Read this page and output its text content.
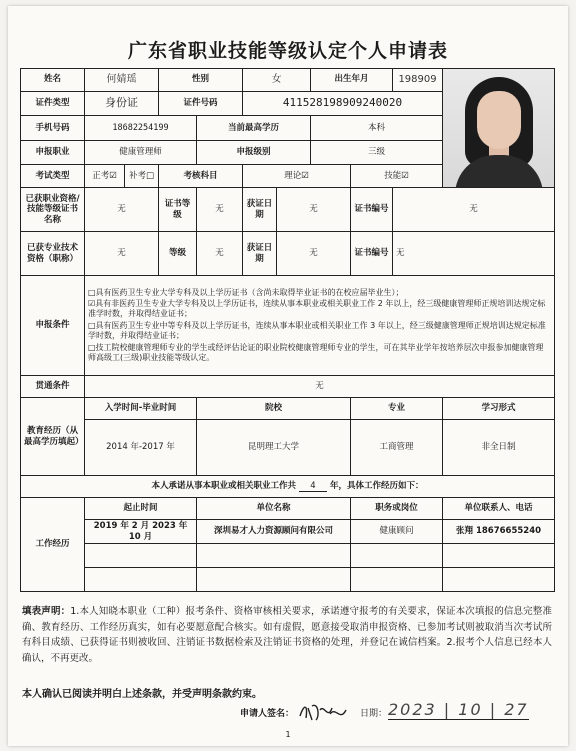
广东省职业技能等级认定个人申请表
姓名	何婧瑶		性别		女		出生年月		198909	

证件类型	身份证		证件号码		411528198909240020					
手机号码	18682254199			当前最高学历			本科			
申报职业	健康管理师			申报级别			三级			
考试类型	正考☑	补考□	考核科目		理论☑			技能☑		
已获职业资格/技能等级证书名称	无		证书等级	无	获证日期	无		证书编号	无	
已获专业技术资格（职称）	无		等级	无	获证日期	无		证书编号	无	
申报条件	□具有医药卫生专业大学专科及以上学历证书（含尚未取得毕业证书的在校应届毕业生）；

☑具有非医药卫生专业大学专科及以上学历证书，连续从事本职业或相关职业工作 2 年以上，经三级健康管理师正规培训达规定标准学时数，并取得结业证书；

□具有医药卫生专业中等专科及以上学历证书，连续从事本职业或相关职业工作 3 年以上，经三级健康管理师正规培训达规定标准学时数，并取得结业证书；

□技工院校健康管理师专业的学生或经评估论证的职业院校健康管理师专业的学生，可在其毕业学年按培养层次申报参加健康管理师高级工(三级)职业技能等级认定。									

贯通条件	无									
教育经历（从最高学历填起）	入学时间-毕业时间			院校				专业		学习形式
	2014 年-2017 年			昆明理工大学				工商管理		非全日制
本人承诺从事本职业或相关职业工作共 4 年，具体工作经历如下：										
工作经历	起止时间			单位名称				职务或岗位		单位联系人、电话
	2019 年 2 月 2023 年 10 月			深圳易才人力资源顾问有限公司				健康顾问		张翔 18676655240

填表声明：1.本人知晓本职业（工种）报考条件、资格审核相关要求，承诺遵守报考的有关要求，保证本次填报的信息完整准确、教育经历、工作经历真实，如有必要愿意配合核实。如有虚假，愿意接受取消申报资格、已参加考试则被取消当次考试所有科目成绩、已获得证书则被收回、注销证书数据检索及注销证书资格的处理，并登记在诚信档案。2.报考个人信息已经本人确认，不再更改。
本人确认已阅读并明白上述条款，并受声明条款约束。
申请人签名：	日期： 2023 | 10 | 27
1
